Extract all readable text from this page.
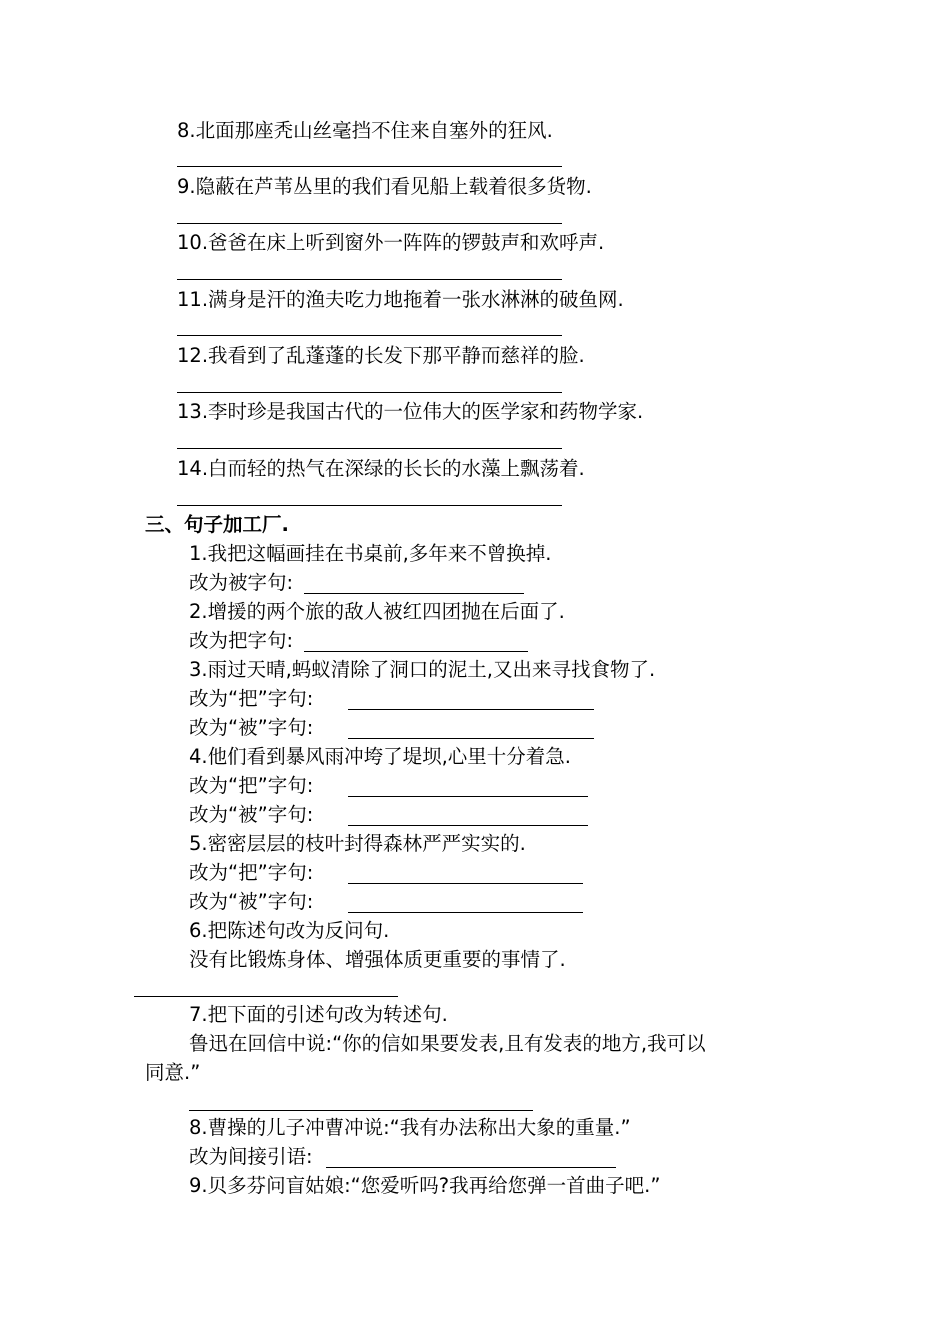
8.北面那座秃山丝毫挡不住来自塞外的狂风.
9.隐蔽在芦苇丛里的我们看见船上载着很多货物.
10.爸爸在床上听到窗外一阵阵的锣鼓声和欢呼声.
11.满身是汗的渔夫吃力地拖着一张水淋淋的破鱼网.
12.我看到了乱蓬蓬的长发下那平静而慈祥的脸.
13.李时珍是我国古代的一位伟大的医学家和药物学家.
14.白而轻的热气在深绿的长长的水藻上飘荡着.
三、句子加工厂.
1.我把这幅画挂在书桌前,多年来不曾换掉.
改为被字句:
2.增援的两个旅的敌人被红四团抛在后面了.
改为把字句:
3.雨过天晴,蚂蚁清除了洞口的泥土,又出来寻找食物了.
改为“把”字句:
改为“被”字句:
4.他们看到暴风雨冲垮了堤坝,心里十分着急.
改为“把”字句:
改为“被”字句:
5.密密层层的枝叶封得森林严严实实的.
改为“把”字句:
改为“被”字句:
6.把陈述句改为反问句.
没有比锻炼身体、增强体质更重要的事情了.
7.把下面的引述句改为转述句.
鲁迅在回信中说:“你的信如果要发表,且有发表的地方,我可以
同意.”
8.曹操的儿子冲曹冲说:“我有办法称出大象的重量.”
改为间接引语:
9.贝多芬问盲姑娘:“您爱听吗?我再给您弹一首曲子吧.”
